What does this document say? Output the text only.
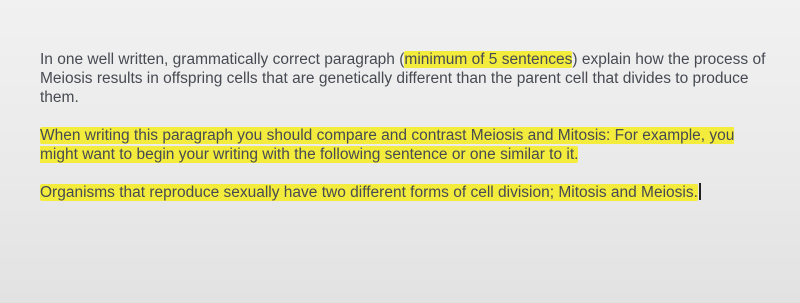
In one well written, grammatically correct paragraph (minimum of 5 sentences) explain how the process of Meiosis results in offspring cells that are genetically different than the parent cell that divides to produce them.

When writing this paragraph you should compare and contrast Meiosis and Mitosis: For example, you might want to begin your writing with the following sentence or one similar to it.

Organisms that reproduce sexually have two different forms of cell division; Mitosis and Meiosis.
